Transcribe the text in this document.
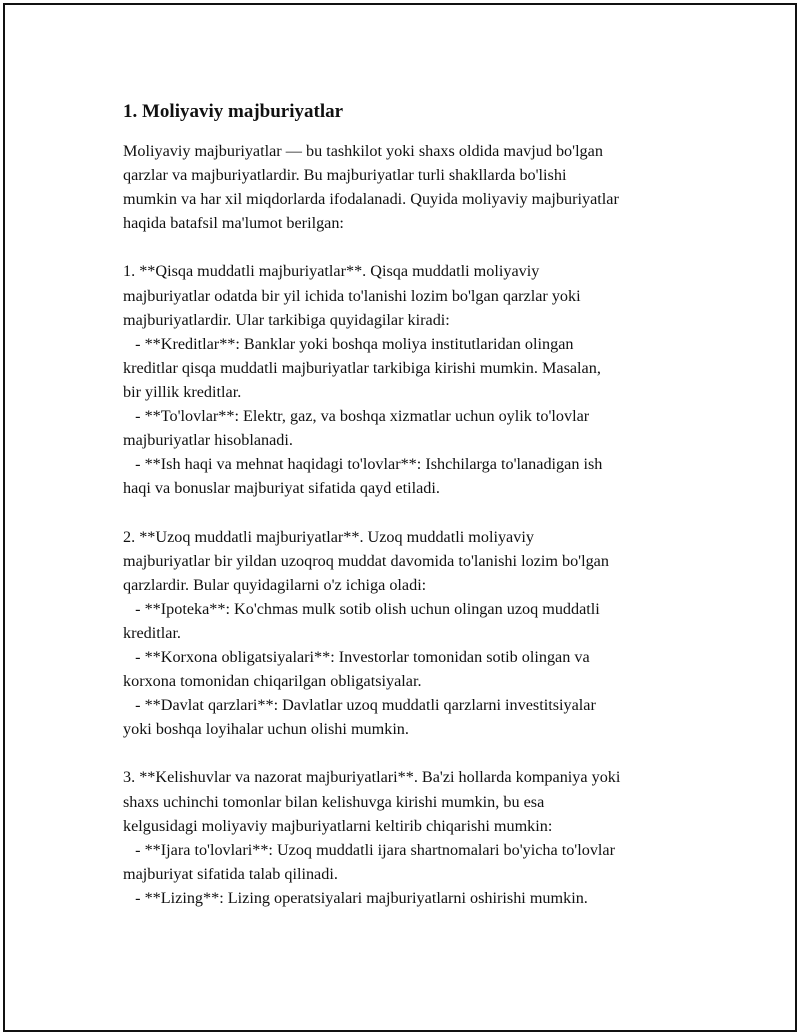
1. Moliyaviy majburiyatlar
Moliyaviy majburiyatlar — bu tashkilot yoki shaxs oldida mavjud bo'lgan
qarzlar va majburiyatlardir. Bu majburiyatlar turli shakllarda bo'lishi
mumkin va har xil miqdorlarda ifodalanadi. Quyida moliyaviy majburiyatlar
haqida batafsil ma'lumot berilgan:

1. **Qisqa muddatli majburiyatlar**. Qisqa muddatli moliyaviy
majburiyatlar odatda bir yil ichida to'lanishi lozim bo'lgan qarzlar yoki
majburiyatlardir. Ular tarkibiga quyidagilar kiradi:
- **Kreditlar**: Banklar yoki boshqa moliya institutlaridan olingan
kreditlar qisqa muddatli majburiyatlar tarkibiga kirishi mumkin. Masalan,
bir yillik kreditlar.
- **To'lovlar**: Elektr, gaz, va boshqa xizmatlar uchun oylik to'lovlar
majburiyatlar hisoblanadi.
- **Ish haqi va mehnat haqidagi to'lovlar**: Ishchilarga to'lanadigan ish
haqi va bonuslar majburiyat sifatida qayd etiladi.

2. **Uzoq muddatli majburiyatlar**. Uzoq muddatli moliyaviy
majburiyatlar bir yildan uzoqroq muddat davomida to'lanishi lozim bo'lgan
qarzlardir. Bular quyidagilarni o'z ichiga oladi:
- **Ipoteka**: Ko'chmas mulk sotib olish uchun olingan uzoq muddatli
kreditlar.
- **Korxona obligatsiyalari**: Investorlar tomonidan sotib olingan va
korxona tomonidan chiqarilgan obligatsiyalar.
- **Davlat qarzlari**: Davlatlar uzoq muddatli qarzlarni investitsiyalar
yoki boshqa loyihalar uchun olishi mumkin.

3. **Kelishuvlar va nazorat majburiyatlari**. Ba'zi hollarda kompaniya yoki
shaxs uchinchi tomonlar bilan kelishuvga kirishi mumkin, bu esa
kelgusidagi moliyaviy majburiyatlarni keltirib chiqarishi mumkin:
- **Ijara to'lovlari**: Uzoq muddatli ijara shartnomalari bo'yicha to'lovlar
majburiyat sifatida talab qilinadi.
- **Lizing**: Lizing operatsiyalari majburiyatlarni oshirishi mumkin.
